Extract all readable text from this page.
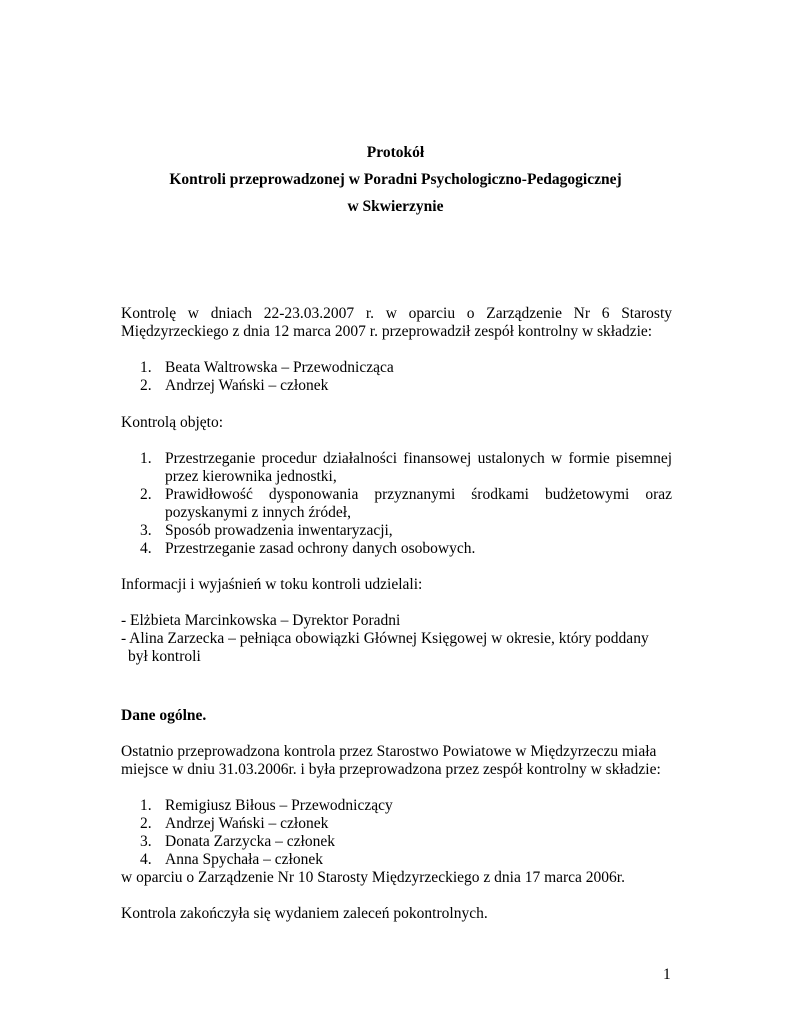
Protokół
Kontroli przeprowadzonej w Poradni Psychologiczno-Pedagogicznej
w Skwierzynie

Kontrolę w dniach 22-23.03.2007 r. w oparciu o Zarządzenie Nr 6 Starosty

Międzyrzeckiego z dnia 12 marca 2007 r. przeprowadził zespół kontrolny w składzie:

1. Beata Waltrowska – Przewodnicząca
2. Andrzej Wański – członek

Kontrolą objęto:

1. Przestrzeganie procedur działalności finansowej ustalonych w formie pisemnej przez kierownika jednostki,
2. Prawidłowość dysponowania przyznanymi środkami budżetowymi oraz pozyskanymi z innych źródeł,
3. Sposób prowadzenia inwentaryzacji,
4. Przestrzeganie zasad ochrony danych osobowych.

Informacji i wyjaśnień w toku kontroli udzielali:

- Elżbieta Marcinkowska – Dyrektor Poradni

- Alina Zarzecka – pełniąca obowiązki Głównej Księgowej w okresie, który poddany

był kontroli

Dane ogólne.

Ostatnio przeprowadzona kontrola przez Starostwo Powiatowe w Międzyrzeczu miała

miejsce w dniu 31.03.2006r. i była przeprowadzona przez zespół kontrolny w składzie:

1. Remigiusz Biłous – Przewodniczący
2. Andrzej Wański – członek
3. Donata Zarzycka – członek
4. Anna Spychała – członek

w oparciu o Zarządzenie Nr 10 Starosty Międzyrzeckiego z dnia 17 marca 2006r.

Kontrola zakończyła się wydaniem zaleceń pokontrolnych.

1
